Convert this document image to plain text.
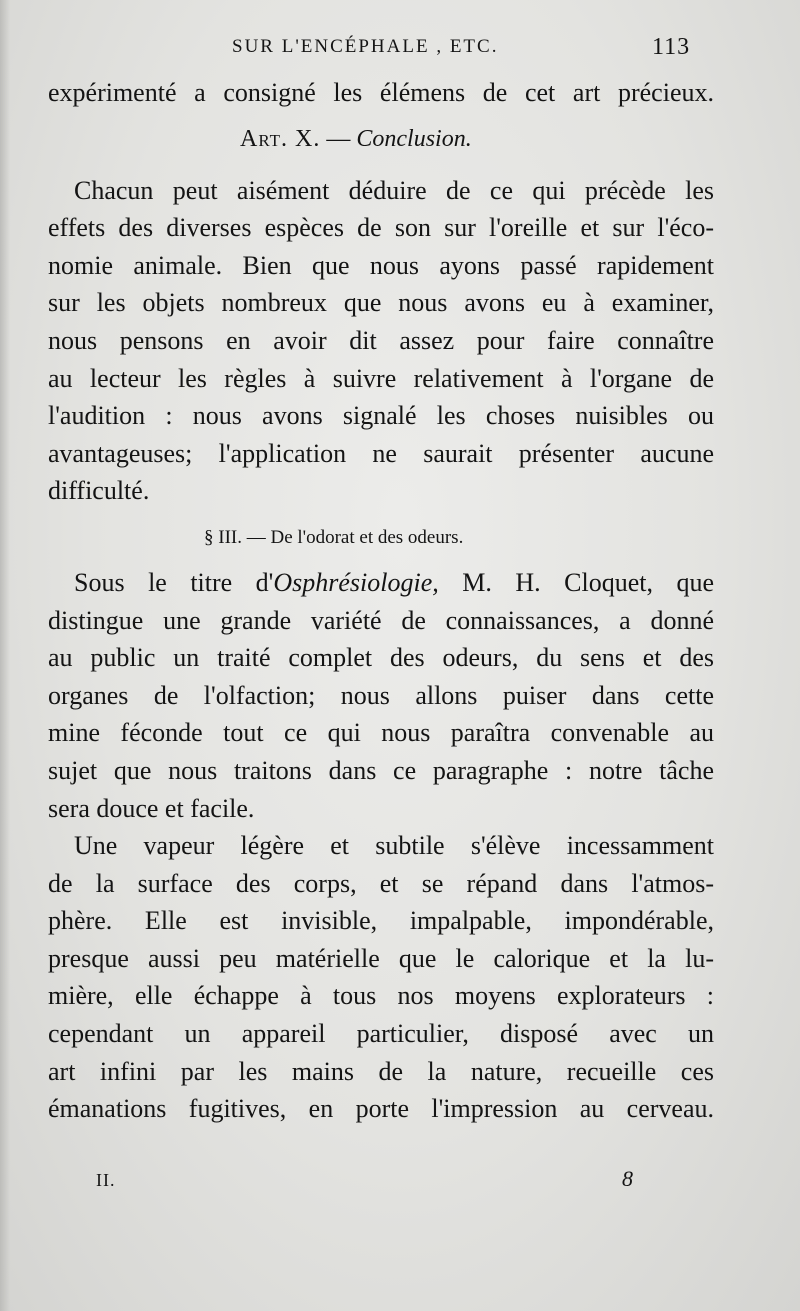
SUR L'ENCÉPHALE , ETC.	113
expérimenté a consigné les élémens de cet art précieux.
Art. X. — Conclusion.
Chacun peut aisément déduire de ce qui précède les
effets des diverses espèces de son sur l'oreille et sur l'éco-
nomie animale. Bien que nous ayons passé rapidement
sur les objets nombreux que nous avons eu à examiner,
nous pensons en avoir dit assez pour faire connaître
au lecteur les règles à suivre relativement à l'organe de
l'audition : nous avons signalé les choses nuisibles ou
avantageuses; l'application ne saurait présenter aucune
difficulté.
§ III. — De l'odorat et des odeurs.
Sous le titre d'Osphrésiologie, M. H. Cloquet, que
distingue une grande variété de connaissances, a donné
au public un traité complet des odeurs, du sens et des
organes de l'olfaction; nous allons puiser dans cette
mine féconde tout ce qui nous paraîtra convenable au
sujet que nous traitons dans ce paragraphe : notre tâche
sera douce et facile.
Une vapeur légère et subtile s'élève incessamment
de la surface des corps, et se répand dans l'atmos-
phère. Elle est invisible, impalpable, impondérable,
presque aussi peu matérielle que le calorique et la lu-
mière, elle échappe à tous nos moyens explorateurs :
cependant un appareil particulier, disposé avec un
art infini par les mains de la nature, recueille ces
émanations fugitives, en porte l'impression au cerveau.
II.	8
